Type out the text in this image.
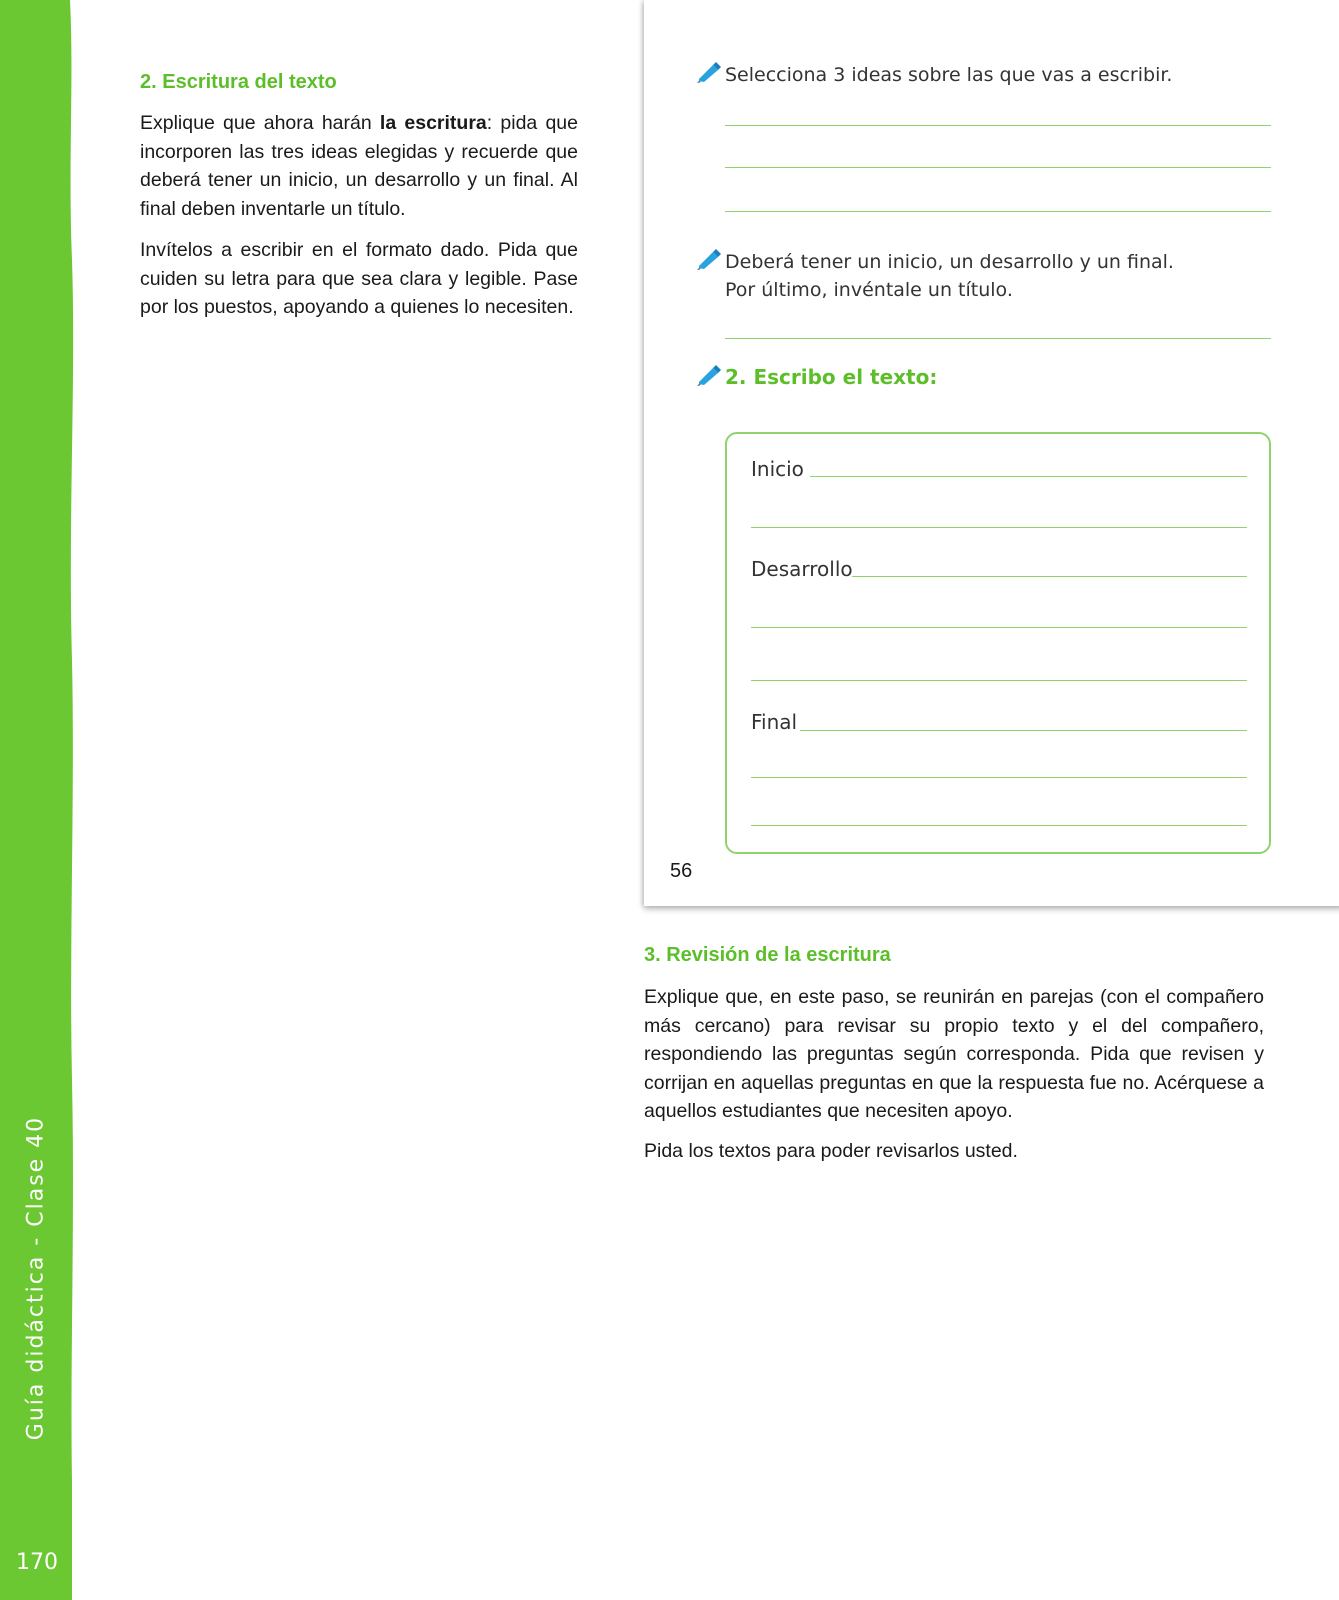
Guía didáctica - Clase 40
170
2. Escritura del texto

Explique que ahora harán la escritura: pida que incorporen las tres ideas elegidas y recuerde que deberá tener un inicio, un desarrollo y un final. Al final deben inventarle un título.

Invítelos a escribir en el formato dado. Pida que cuiden su letra para que sea clara y legible. Pase por los puestos, apoyando a quienes lo necesiten.

Selecciona 3 ideas sobre las que vas a escribir.
Deberá tener un inicio, un desarrollo y un final.
Por último, invéntale un título.
2. Escribo el texto:
Inicio
Desarrollo
Final
56
3. Revisión de la escritura

Explique que, en este paso, se reunirán en parejas (con el compañero más cercano) para revisar su propio texto y el del compañero, respondiendo las preguntas según corresponda. Pida que revisen y corrijan en aquellas preguntas en que la respuesta fue no. Acérquese a aquellos estudiantes que necesiten apoyo.

Pida los textos para poder revisarlos usted.
